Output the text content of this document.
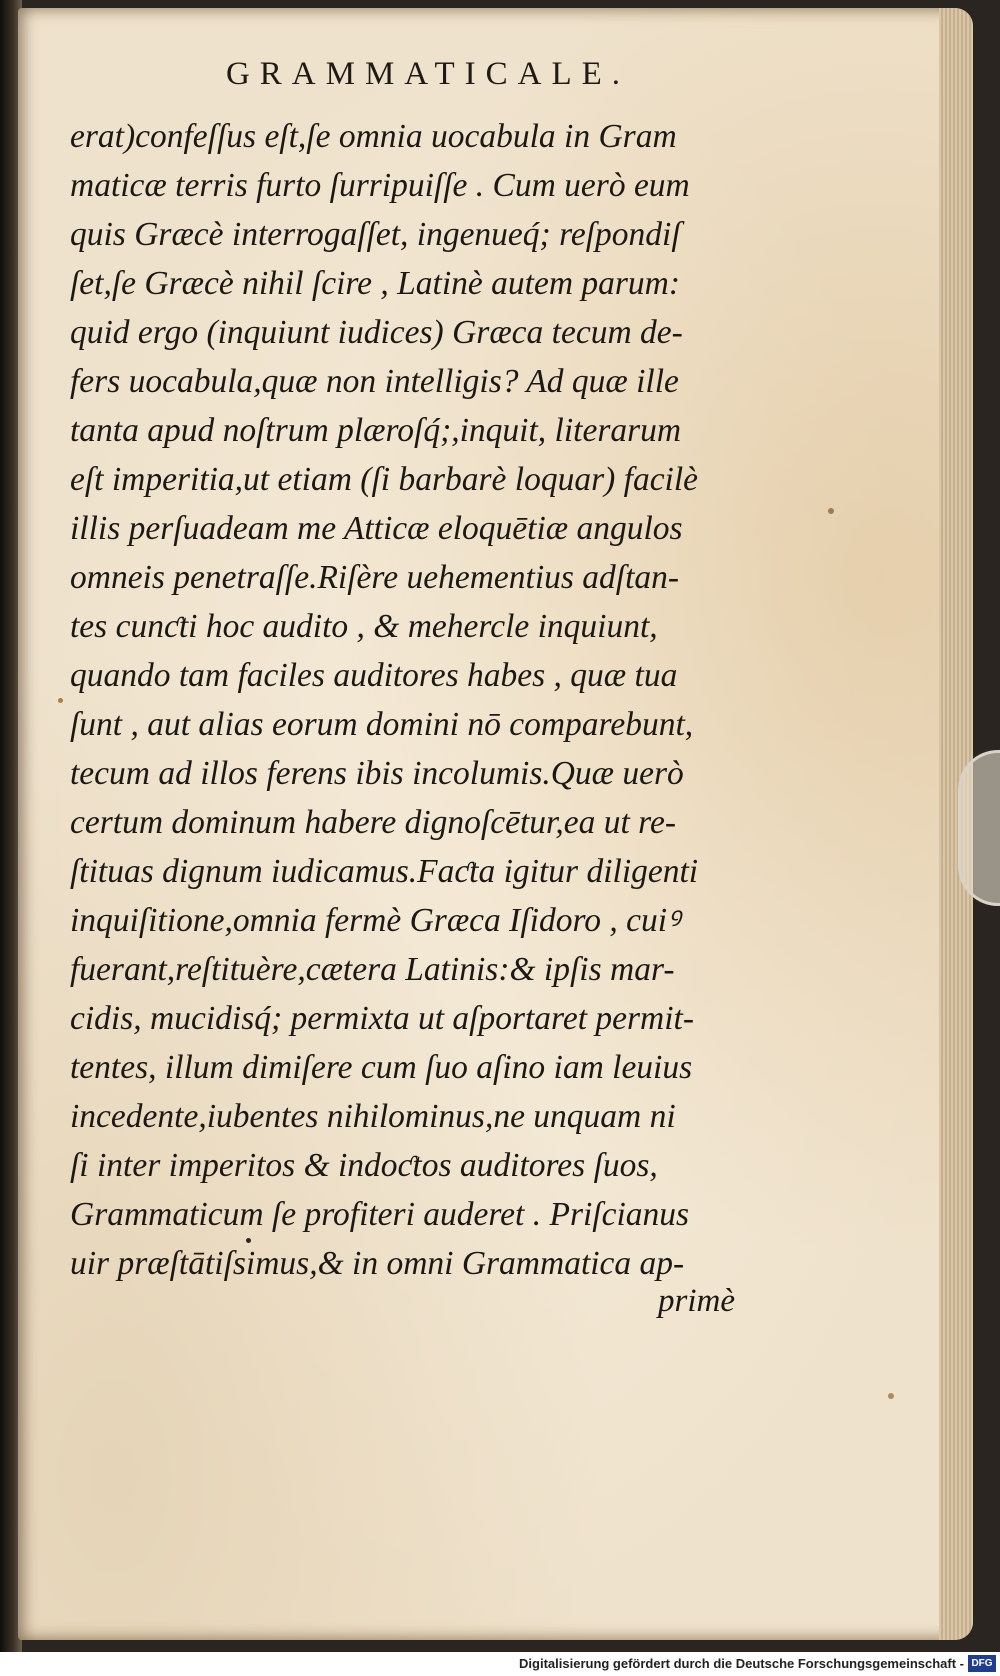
GRAMMATICALE.
erat)confeſſus eſt,ſe omnia uocabula in Gram
maticæ terris furto ſurripuiſſe . Cum uerò eum
quis Græcè interrogaſſet, ingenueq́; reſpondiſ
ſet,ſe Græcè nihil ſcire , Latinè autem parum:
quid ergo (inquiunt iudices) Græca tecum de-
fers uocabula,quæ non intelligis? Ad quæ ille
tanta apud noſtrum plæroſq́;,inquit, literarum
eſt imperitia,ut etiam (ſi barbarè loquar) facilè
illis perſuadeam me Atticæ eloquētiæ angulos
omneis penetraſſe.Riſère uehementius adſtan-
tes cunƈti hoc audito , & mehercle inquiunt,
quando tam faciles auditores habes , quæ tua
ſunt , aut alias eorum domini nō comparebunt,
tecum ad illos ferens ibis incolumis.Quæ uerò
certum dominum habere dignoſcētur,ea ut re-
ſtituas dignum iudicamus.Faƈta igitur diligenti
inquiſitione,omnia fermè Græca Iſidoro , cuiꝰ
fuerant,reſtituère,cætera Latinis:& ipſis mar-
cidis, mucidisq́; permixta ut aſportaret permit-
tentes, illum dimiſere cum ſuo aſino iam leuius
incedente,iubentes nihilominus,ne unquam ni
ſi inter imperitos & indoƈtos auditores ſuos,
Grammaticum ſe profiteri auderet . Priſcianus
uir præſtātiſsimus,& in omni Grammatica ap-
primè
Digitalisierung gefördert durch die Deutsche Forschungsgemeinschaft - DFG
